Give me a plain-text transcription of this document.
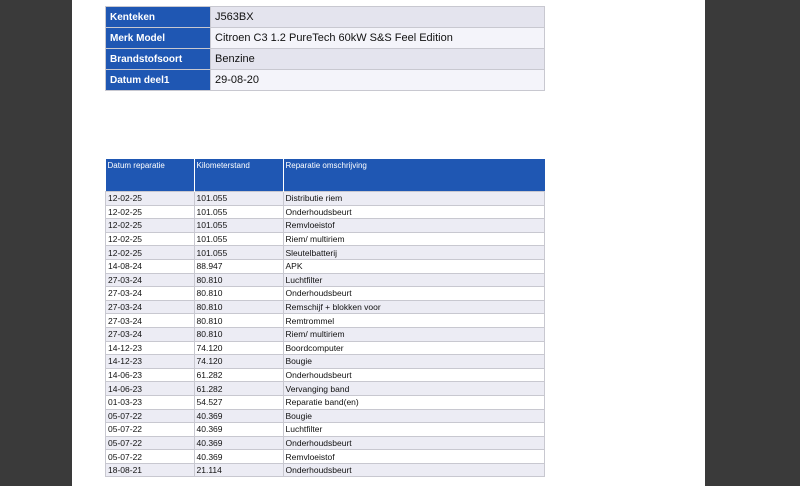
Kenteken	J563BX
Merk Model	Citroen C3 1.2 PureTech 60kW S&S Feel Edition
Brandstofsoort	Benzine
Datum deel1	29-08-20
Datum reparatie	Kilometerstand	Reparatie omschrijving
12-02-25	101.055	Distributie riem
12-02-25	101.055	Onderhoudsbeurt
12-02-25	101.055	Remvloeistof
12-02-25	101.055	Riem/ multiriem
12-02-25	101.055	Sleutelbatterij
14-08-24	88.947	APK
27-03-24	80.810	Luchtfilter
27-03-24	80.810	Onderhoudsbeurt
27-03-24	80.810	Remschijf + blokken voor
27-03-24	80.810	Remtrommel
27-03-24	80.810	Riem/ multiriem
14-12-23	74.120	Boordcomputer
14-12-23	74.120	Bougie
14-06-23	61.282	Onderhoudsbeurt
14-06-23	61.282	Vervanging band
01-03-23	54.527	Reparatie band(en)
05-07-22	40.369	Bougie
05-07-22	40.369	Luchtfilter
05-07-22	40.369	Onderhoudsbeurt
05-07-22	40.369	Remvloeistof
18-08-21	21.114	Onderhoudsbeurt
